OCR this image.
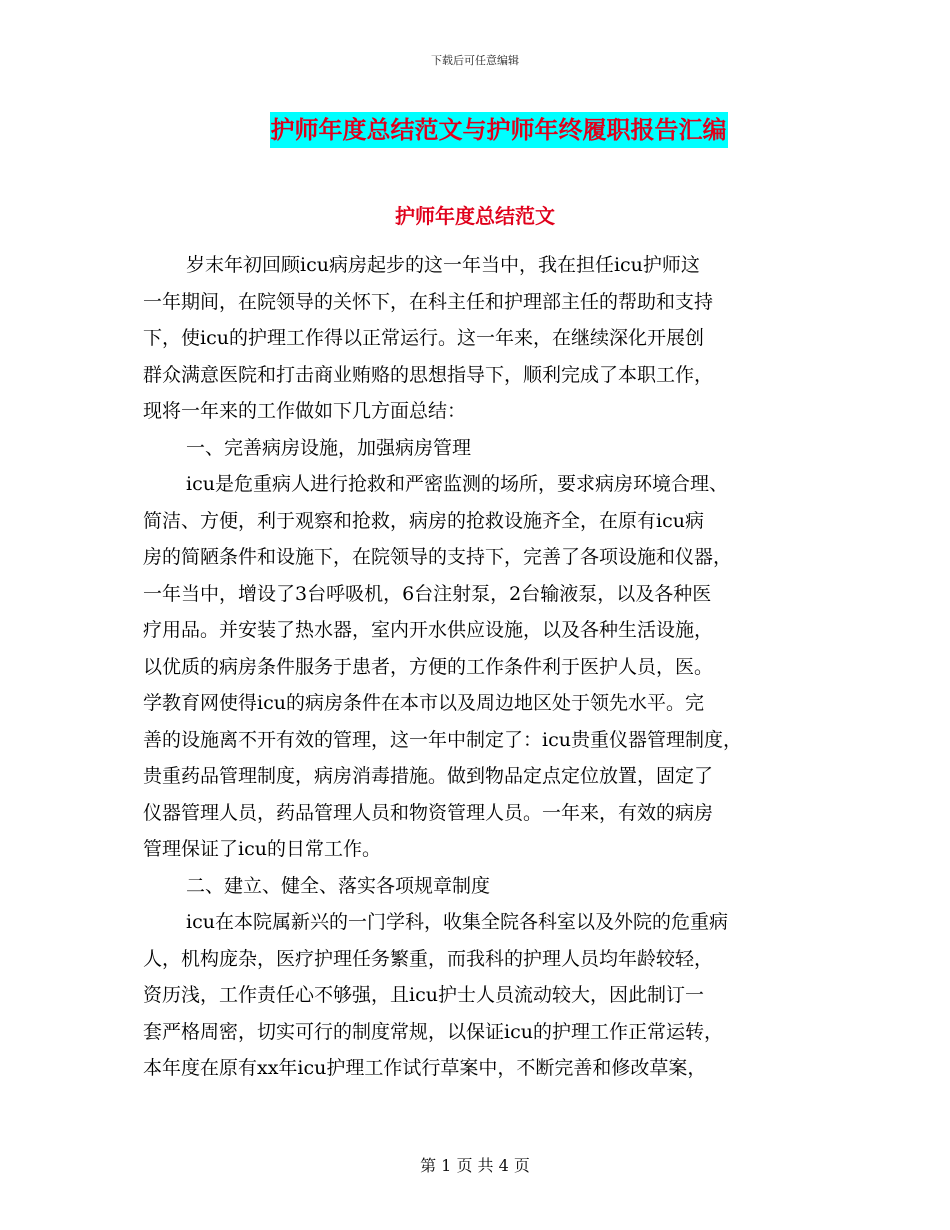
下载后可任意编辑
护师年度总结范文与护师年终履职报告汇编
护师年度总结范文
岁末年初回顾icu病房起步的这一年当中，我在担任icu护师这
一年期间，在院领导的关怀下，在科主任和护理部主任的帮助和支持
下，使icu的护理工作得以正常运行。这一年来，在继续深化开展创
群众满意医院和打击商业贿赂的思想指导下，顺利完成了本职工作，
现将一年来的工作做如下几方面总结：
一、完善病房设施，加强病房管理
icu是危重病人进行抢救和严密监测的场所，要求病房环境合理、
简洁、方便，利于观察和抢救，病房的抢救设施齐全，在原有icu病
房的简陋条件和设施下，在院领导的支持下，完善了各项设施和仪器，
一年当中，增设了3台呼吸机，6台注射泵，2台输液泵，以及各种医
疗用品。并安装了热水器，室内开水供应设施，以及各种生活设施，
以优质的病房条件服务于患者，方便的工作条件利于医护人员，医。
学教育网使得icu的病房条件在本市以及周边地区处于领先水平。完
善的设施离不开有效的管理，这一年中制定了：icu贵重仪器管理制度，
贵重药品管理制度，病房消毒措施。做到物品定点定位放置，固定了
仪器管理人员，药品管理人员和物资管理人员。一年来，有效的病房
管理保证了icu的日常工作。
二、建立、健全、落实各项规章制度
icu在本院属新兴的一门学科，收集全院各科室以及外院的危重病
人，机构庞杂，医疗护理任务繁重，而我科的护理人员均年龄较轻，
资历浅，工作责任心不够强，且icu护士人员流动较大，因此制订一
套严格周密，切实可行的制度常规，以保证icu的护理工作正常运转，
本年度在原有xx年icu护理工作试行草案中，不断完善和修改草案，
第 1 页 共 4 页
